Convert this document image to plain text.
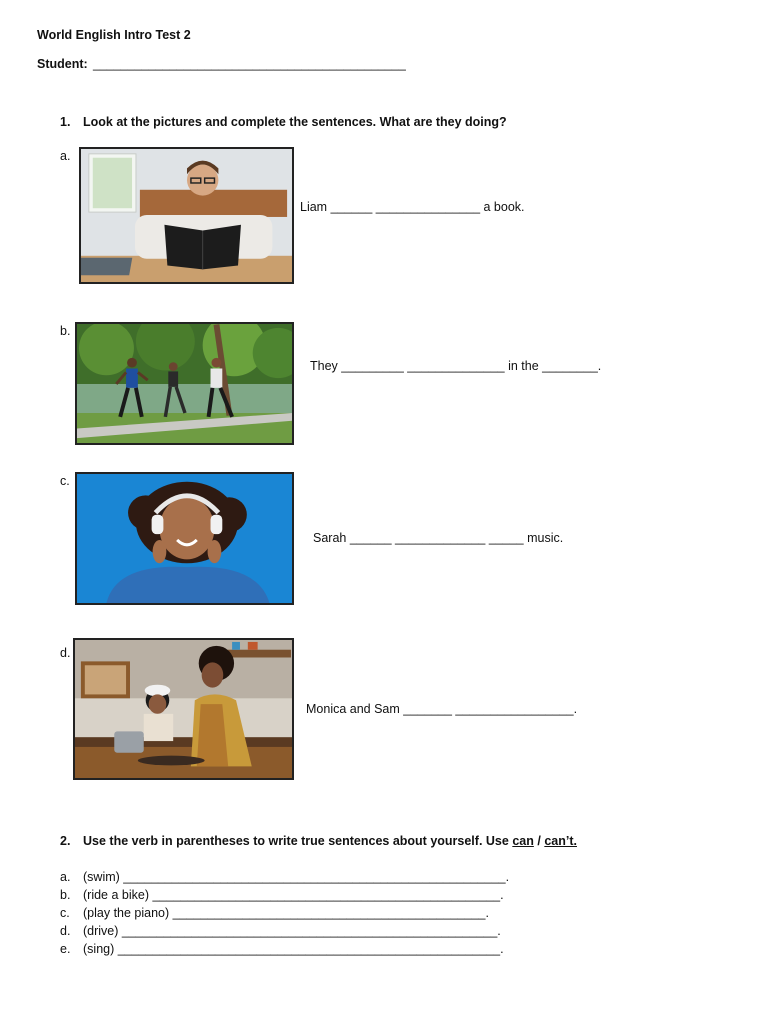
World English Intro Test 2
Student: _____________________________________________
1. Look at the pictures and complete the sentences. What are they doing?
a.
Liam ______ _______________ a book.
b.
They _________ ______________ in the ________.
c.
Sarah ______ _____________ _____ music.
d.
Monica and Sam _______ _________________.
2. Use the verb in parentheses to write true sentences about yourself. Use can / can’t.
a. (swim) _______________________________________________________.
b. (ride a bike) __________________________________________________.
c. (play the piano) _____________________________________________.
d. (drive) ______________________________________________________.
e. (sing) _______________________________________________________.
